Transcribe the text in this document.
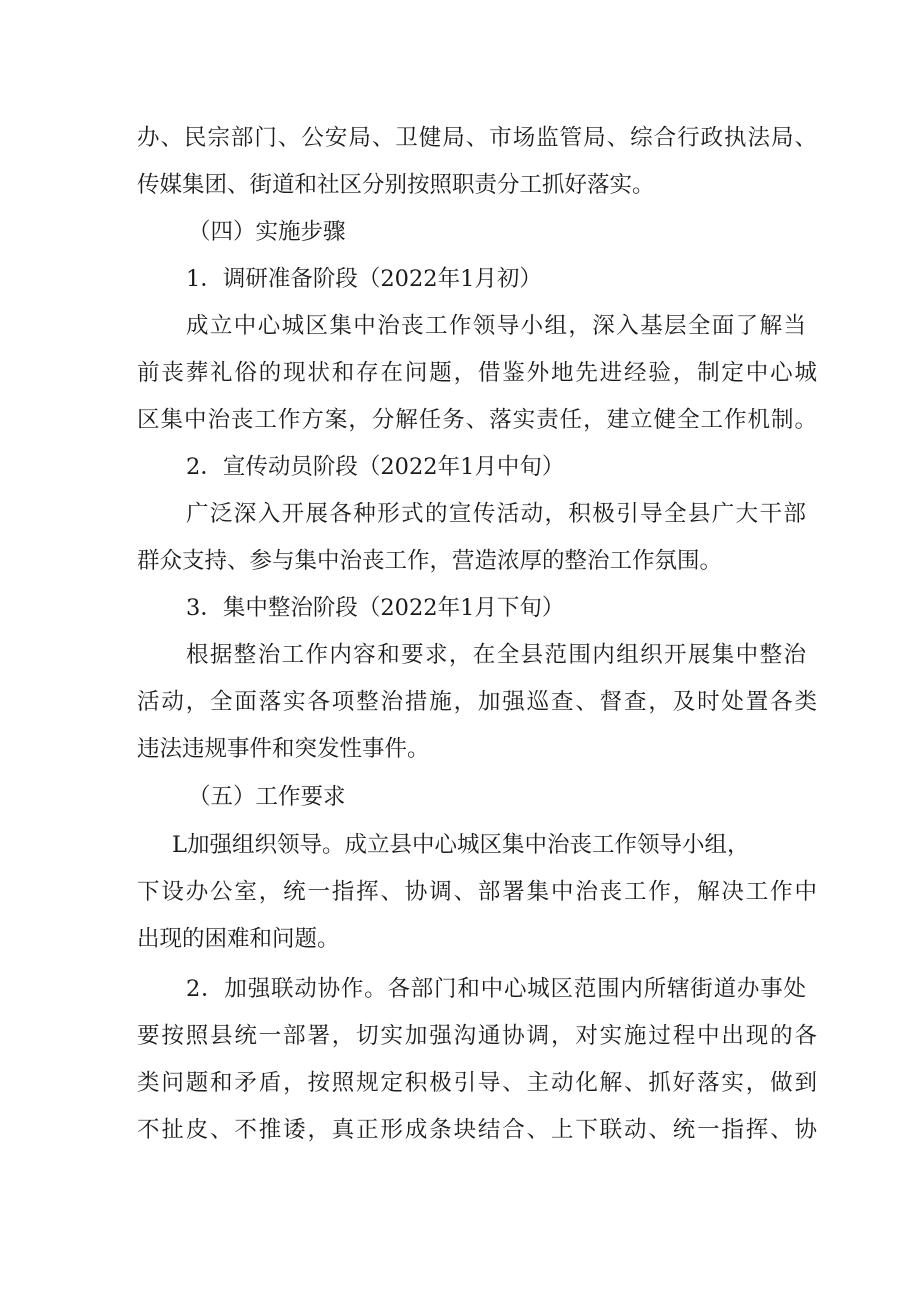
办、民宗部门、公安局、卫健局、市场监管局、综合行政执法局、
传媒集团、街道和社区分别按照职责分工抓好落实。
（四）实施步骤
1．调研准备阶段（2022年1月初）
成立中心城区集中治丧工作领导小组，深入基层全面了解当
前丧葬礼俗的现状和存在问题，借鉴外地先进经验，制定中心城
区集中治丧工作方案，分解任务、落实责任，建立健全工作机制。
2．宣传动员阶段（2022年1月中旬）
广泛深入开展各种形式的宣传活动，积极引导全县广大干部
群众支持、参与集中治丧工作，营造浓厚的整治工作氛围。
3．集中整治阶段（2022年1月下旬）
根据整治工作内容和要求，在全县范围内组织开展集中整治
活动，全面落实各项整治措施，加强巡查、督查，及时处置各类
违法违规事件和突发性事件。
（五）工作要求
L加强组织领导。成立县中心城区集中治丧工作领导小组，
下设办公室，统一指挥、协调、部署集中治丧工作，解决工作中
出现的困难和问题。
2．加强联动协作。各部门和中心城区范围内所辖街道办事处
要按照县统一部署，切实加强沟通协调，对实施过程中出现的各
类问题和矛盾，按照规定积极引导、主动化解、抓好落实，做到
不扯皮、不推诿，真正形成条块结合、上下联动、统一指挥、协
